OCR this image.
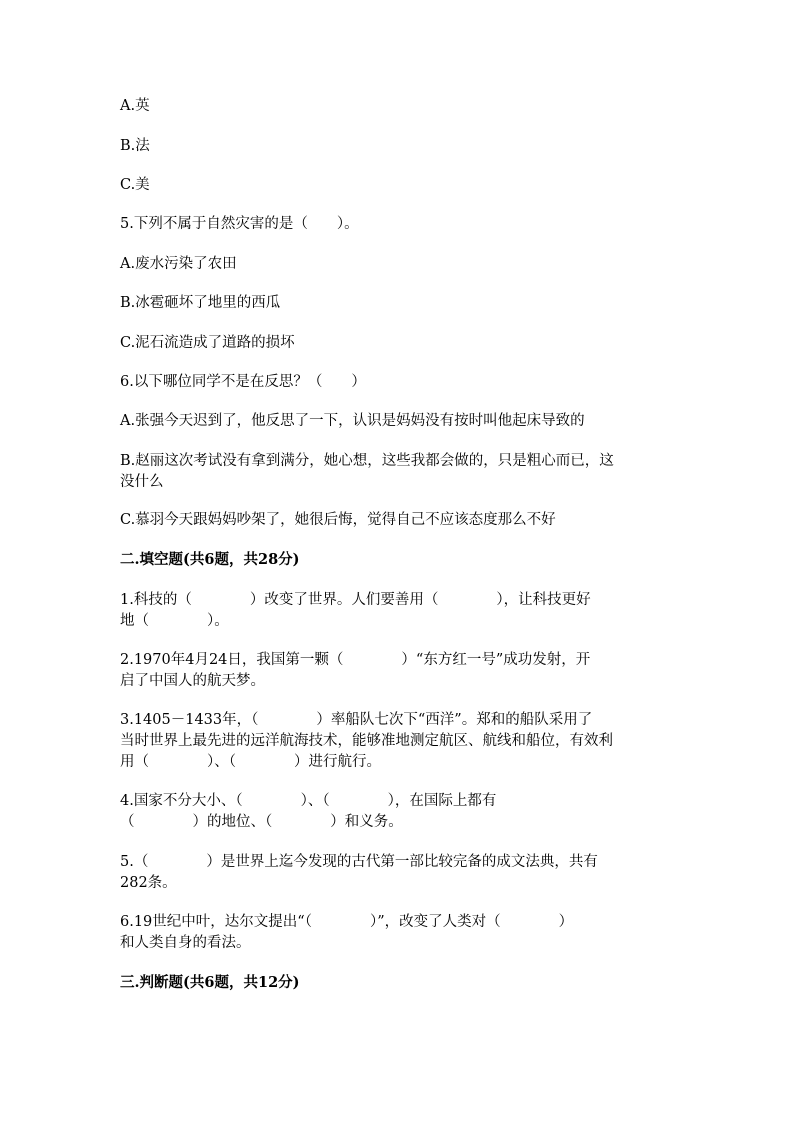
A.英
B.法
C.美
5.下列不属于自然灾害的是（　　）。
A.废水污染了农田
B.冰雹砸坏了地里的西瓜
C.泥石流造成了道路的损坏
6.以下哪位同学不是在反思？（　　）
A.张强今天迟到了，他反思了一下，认识是妈妈没有按时叫他起床导致的
B.赵丽这次考试没有拿到满分，她心想，这些我都会做的，只是粗心而已，这
没什么
C.慕羽今天跟妈妈吵架了，她很后悔，觉得自己不应该态度那么不好
二.填空题(共6题，共28分)
1.科技的（　　　　）改变了世界。人们要善用（　　　　），让科技更好
地（　　　　）。
2.1970年4月24日，我国第一颗（　　　　）“东方红一号”成功发射，开
启了中国人的航天梦。
3.1405－1433年，（　　　　）率船队七次下“西洋”。郑和的船队采用了
当时世界上最先进的远洋航海技术，能够准地测定航区、航线和船位，有效利
用（　　　　）、（　　　　）进行航行。
4.国家不分大小、（　　　　）、（　　　　），在国际上都有
（　　　　）的地位、（　　　　）和义务。
5.（　　　　）是世界上迄今发现的古代第一部比较完备的成文法典，共有
282条。
6.19世纪中叶，达尔文提出“（　　　　）”，改变了人类对（　　　　）
和人类自身的看法。
三.判断题(共6题，共12分)
